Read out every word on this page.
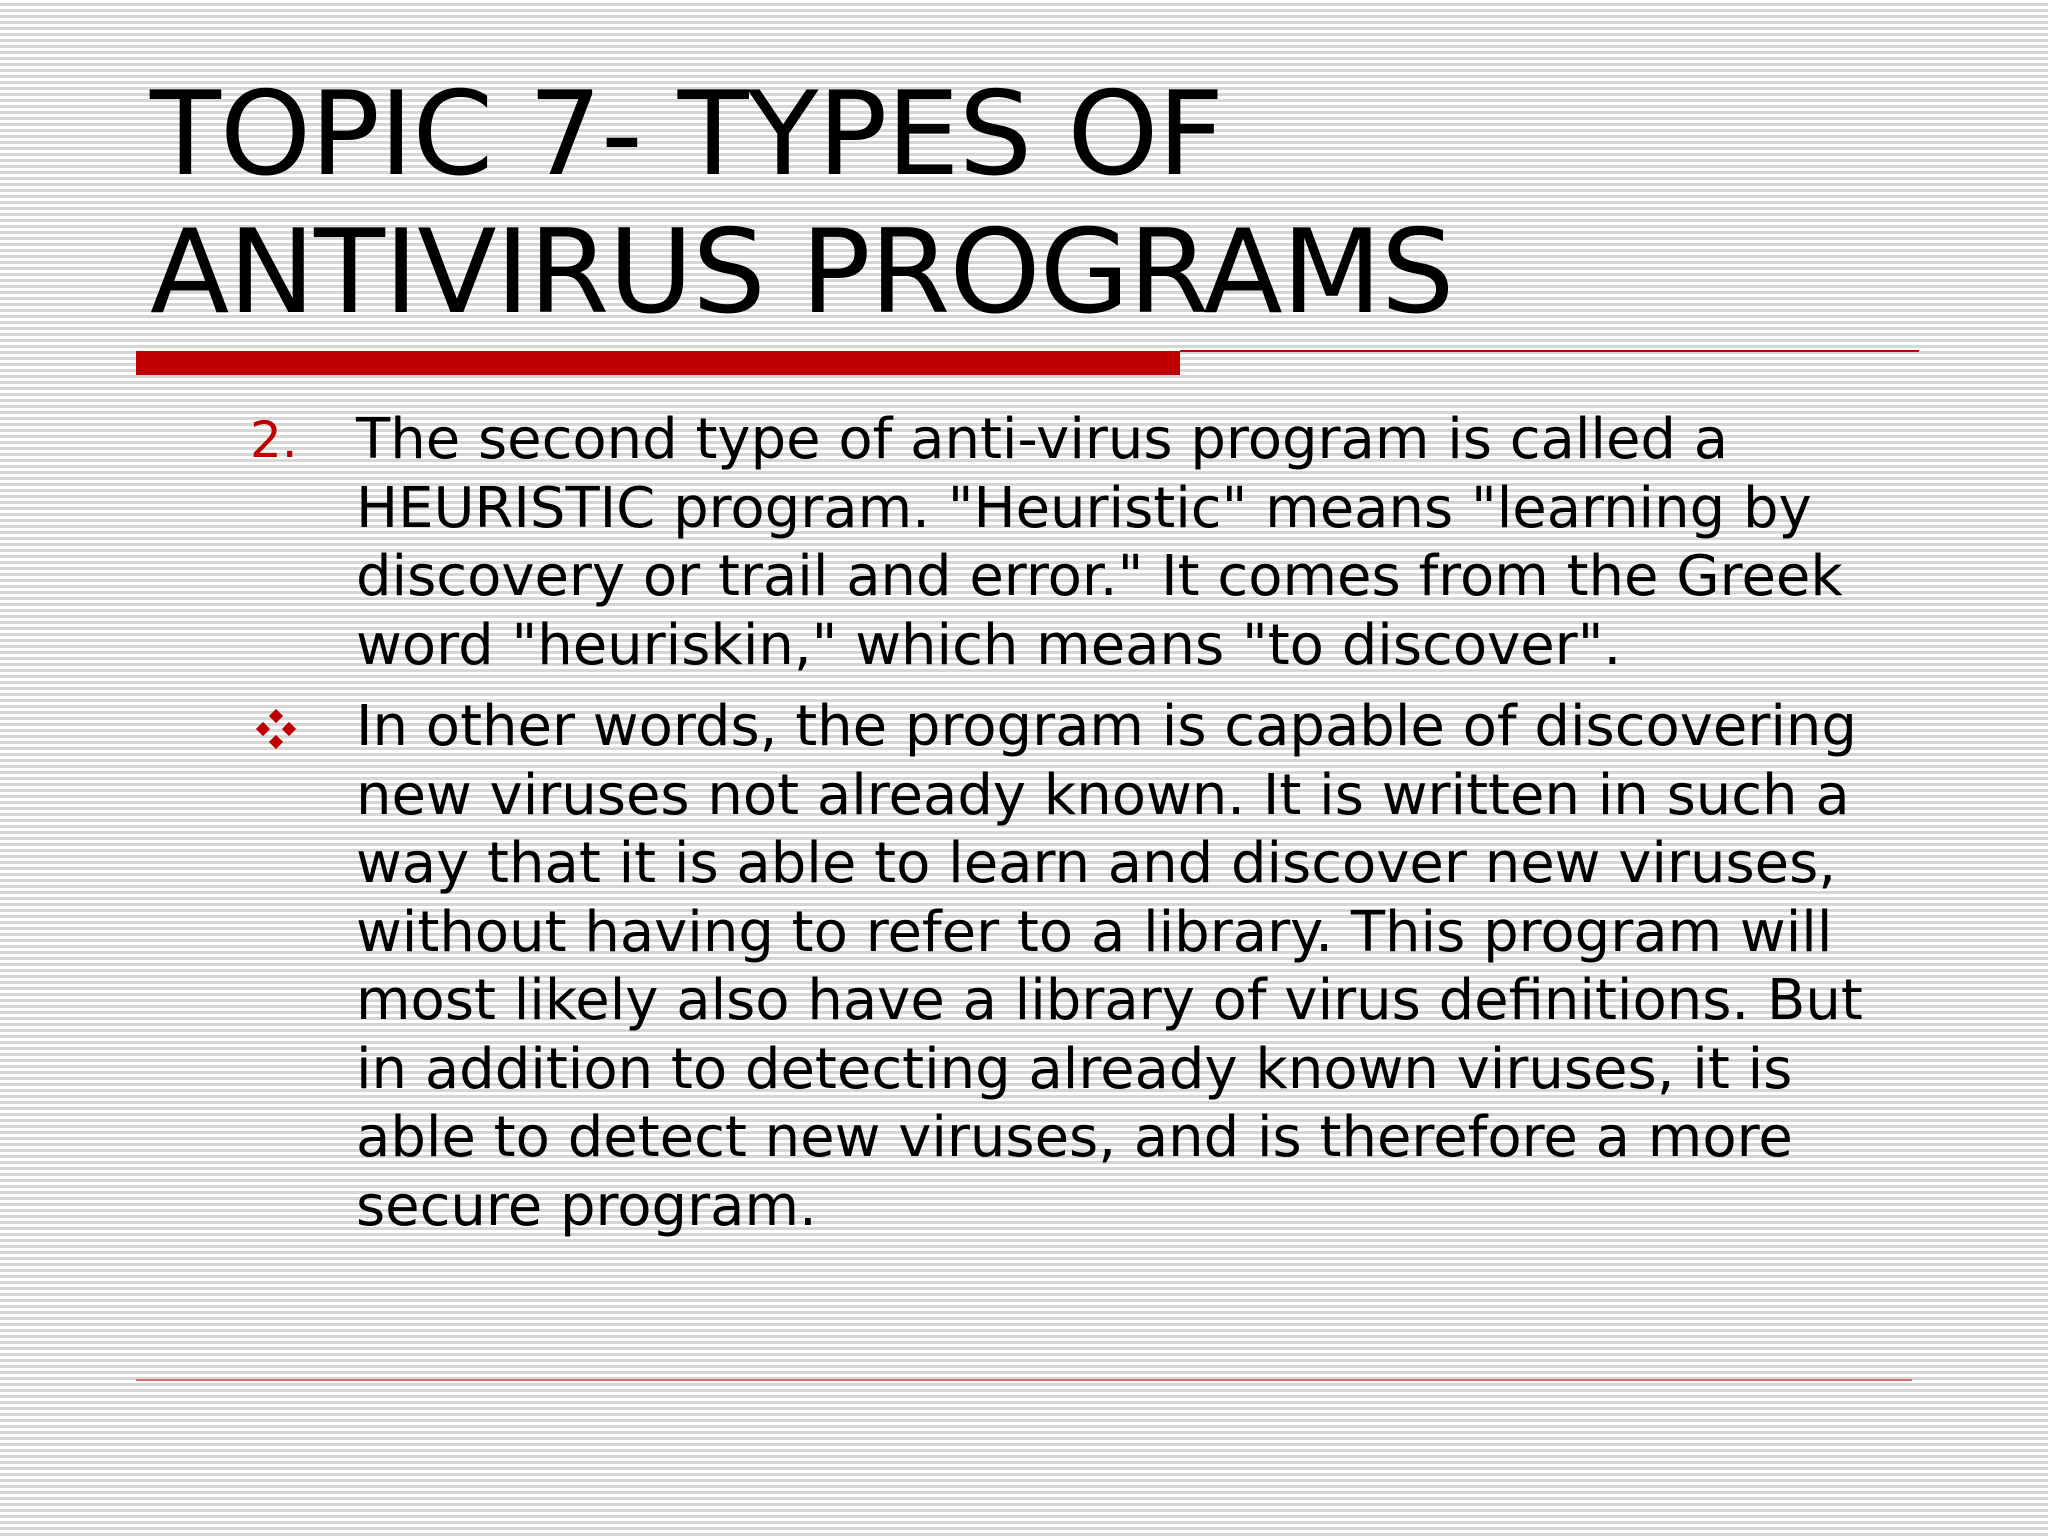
TOPIC 7- TYPES OF
ANTIVIRUS PROGRAMS
2. The second type of anti-virus program is called a HEURISTIC program. "Heuristic" means "learning by discovery or trail and error." It comes from the Greek word "heuriskin," which means "to discover".
In other words, the program is capable of discovering new viruses not already known. It is written in such a way that it is able to learn and discover new viruses, without having to refer to a library. This program will most likely also have a library of virus definitions. But in addition to detecting already known viruses, it is able to detect new viruses, and is therefore a more secure program.
